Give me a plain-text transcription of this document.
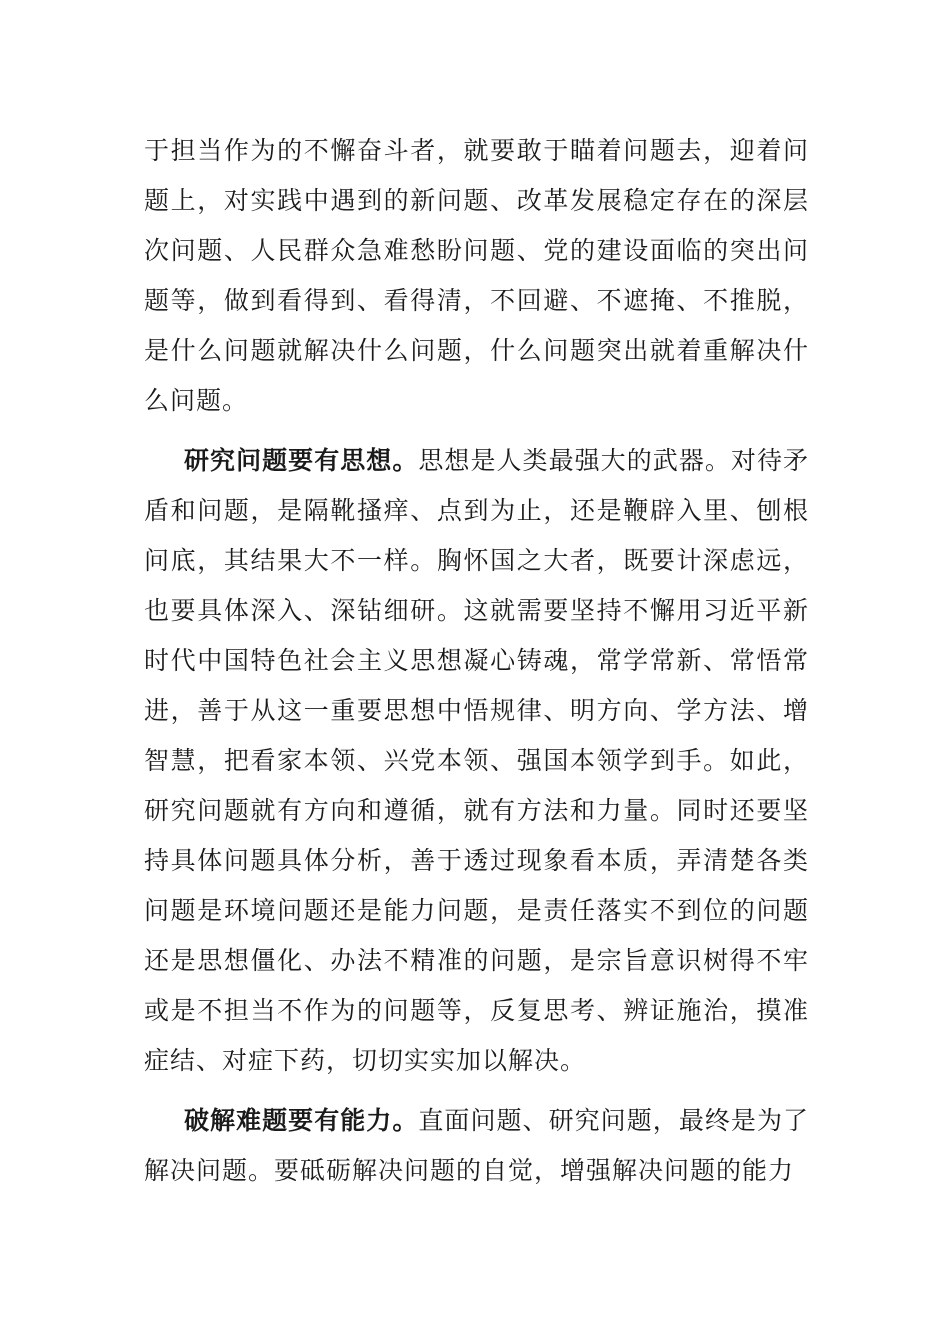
于担当作为的不懈奋斗者，就要敢于瞄着问题去，迎着问题上，对实践中遇到的新问题、改革发展稳定存在的深层次问题、人民群众急难愁盼问题、党的建设面临的突出问题等，做到看得到、看得清，不回避、不遮掩、不推脱，是什么问题就解决什么问题，什么问题突出就着重解决什么问题。

研究问题要有思想。思想是人类最强大的武器。对待矛盾和问题，是隔靴搔痒、点到为止，还是鞭辟入里、刨根问底，其结果大不一样。胸怀国之大者，既要计深虑远，也要具体深入、深钻细研。这就需要坚持不懈用习近平新时代中国特色社会主义思想凝心铸魂，常学常新、常悟常进，善于从这一重要思想中悟规律、明方向、学方法、增智慧，把看家本领、兴党本领、强国本领学到手。如此，研究问题就有方向和遵循，就有方法和力量。同时还要坚持具体问题具体分析，善于透过现象看本质，弄清楚各类问题是环境问题还是能力问题，是责任落实不到位的问题还是思想僵化、办法不精准的问题，是宗旨意识树得不牢或是不担当不作为的问题等，反复思考、辨证施治，摸准症结、对症下药，切切实实加以解决。

破解难题要有能力。直面问题、研究问题，最终是为了解决问题。要砥砺解决问题的自觉，增强解决问题的能力
